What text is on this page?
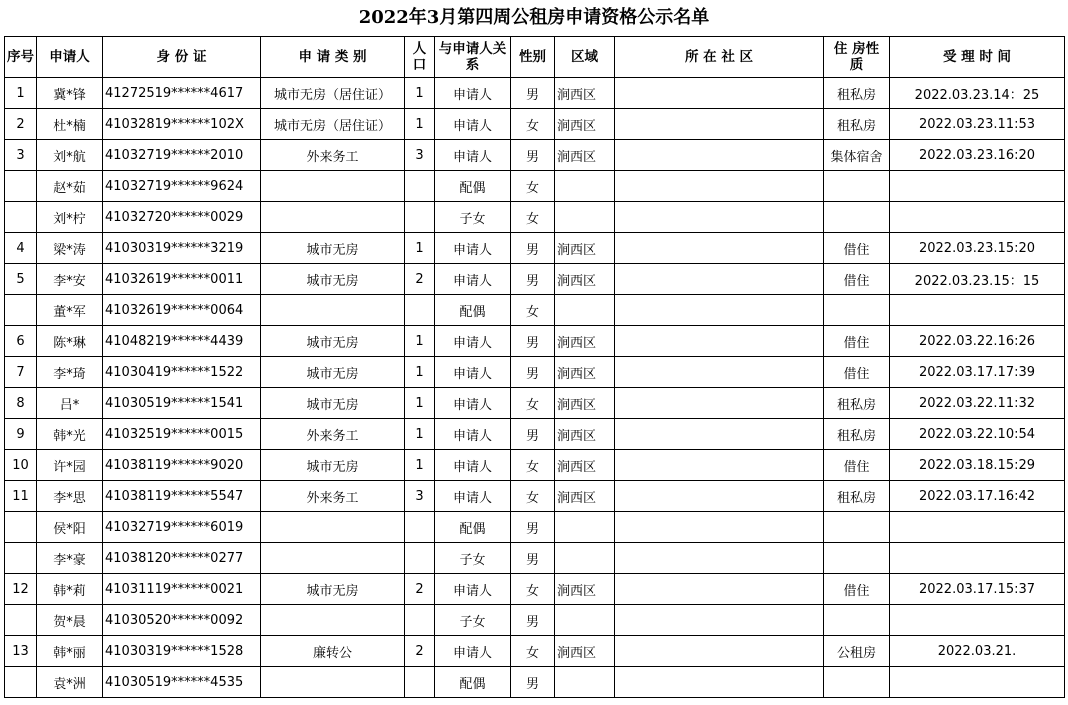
2022年3月第四周公租房申请资格公示名单
序号	申请人	身 份 证	申 请 类 别	人口	与申请人关 系	性别	区域	所 在 社 区	住 房性 质	受 理 时 间
1	冀*锋	41272519******4617	城市无房（居住证）	1	申请人	男	涧西区		租私房	2022.03.23.14：25
2	杜*楠	41032819******102X	城市无房（居住证）	1	申请人	女	涧西区		租私房	2022.03.23.11:53
3	刘*航	41032719******2010	外来务工	3	申请人	男	涧西区		集体宿舍	2022.03.23.16:20
	赵*茹	41032719******9624			配偶	女				
	刘*柠	41032720******0029			子女	女				
4	梁*涛	41030319******3219	城市无房	1	申请人	男	涧西区		借住	2022.03.23.15:20
5	李*安	41032619******0011	城市无房	2	申请人	男	涧西区		借住	2022.03.23.15：15
	董*军	41032619******0064			配偶	女				
6	陈*琳	41048219******4439	城市无房	1	申请人	男	涧西区		借住	2022.03.22.16:26
7	李*琦	41030419******1522	城市无房	1	申请人	男	涧西区		借住	2022.03.17.17:39
8	吕*	41030519******1541	城市无房	1	申请人	女	涧西区		租私房	2022.03.22.11:32
9	韩*光	41032519******0015	外来务工	1	申请人	男	涧西区		租私房	2022.03.22.10:54
10	许*园	41038119******9020	城市无房	1	申请人	女	涧西区		借住	2022.03.18.15:29
11	李*思	41038119******5547	外来务工	3	申请人	女	涧西区		租私房	2022.03.17.16:42
	侯*阳	41032719******6019			配偶	男				
	李*豪	41038120******0277			子女	男				
12	韩*莉	41031119******0021	城市无房	2	申请人	女	涧西区		借住	2022.03.17.15:37
	贺*晨	41030520******0092			子女	男				
13	韩*丽	41030319******1528	廉转公	2	申请人	女	涧西区		公租房	2022.03.21.
	袁*洲	41030519******4535			配偶	男				
